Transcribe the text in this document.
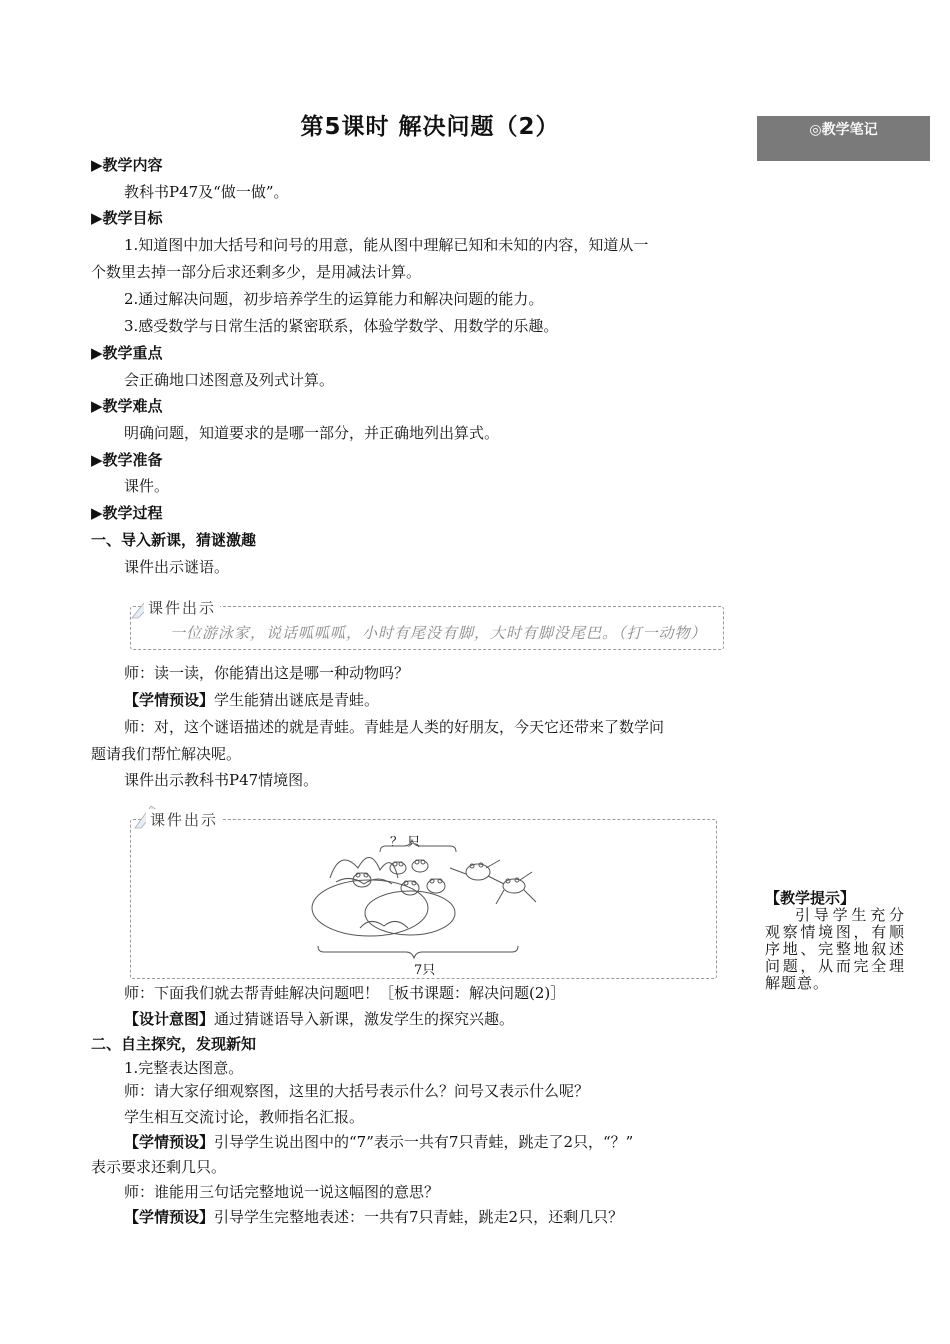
第5课时 解决问题（2）	◎教学笔记
▶教学内容
教科书P47及“做一做”。
▶教学目标
1.知道图中加大括号和问号的用意，能从图中理解已知和未知的内容，知道从一
个数里去掉一部分后求还剩多少，是用减法计算。
2.通过解决问题，初步培养学生的运算能力和解决问题的能力。
3.感受数学与日常生活的紧密联系，体验学数学、用数学的乐趣。
▶教学重点
会正确地口述图意及列式计算。
▶教学难点
明确问题，知道要求的是哪一部分，并正确地列出算式。
▶教学准备
课件。
▶教学过程
一、导入新课，猜谜激趣
课件出示谜语。
课件出示
一位游泳家，说话呱呱呱，小时有尾没有脚，大时有脚没尾巴。（打一动物）
师：读一读，你能猜出这是哪一种动物吗？
【学情预设】学生能猜出谜底是青蛙。
师：对，这个谜语描述的就是青蛙。青蛙是人类的好朋友，今天它还带来了数学问
题请我们帮忙解决呢。
课件出示教科书P47情境图。
课件出示
？ 只
7只
师：下面我们就去帮青蛙解决问题吧！［板书课题：解决问题(2)］
【设计意图】通过猜谜语导入新课，激发学生的探究兴趣。
二、自主探究，发现新知
1.完整表达图意。
师：请大家仔细观察图，这里的大括号表示什么？问号又表示什么呢？
学生相互交流讨论，教师指名汇报。
【学情预设】引导学生说出图中的“7”表示一共有7只青蛙，跳走了2只，“？”
表示要求还剩几只。
师：谁能用三句话完整地说一说这幅图的意思？
【学情预设】引导学生完整地表述：一共有7只青蛙，跳走2只，还剩几只？
【教学提示】
引导学生充分观察情境图，有顺序地、完整地叙述问题，从而完全理解题意。
